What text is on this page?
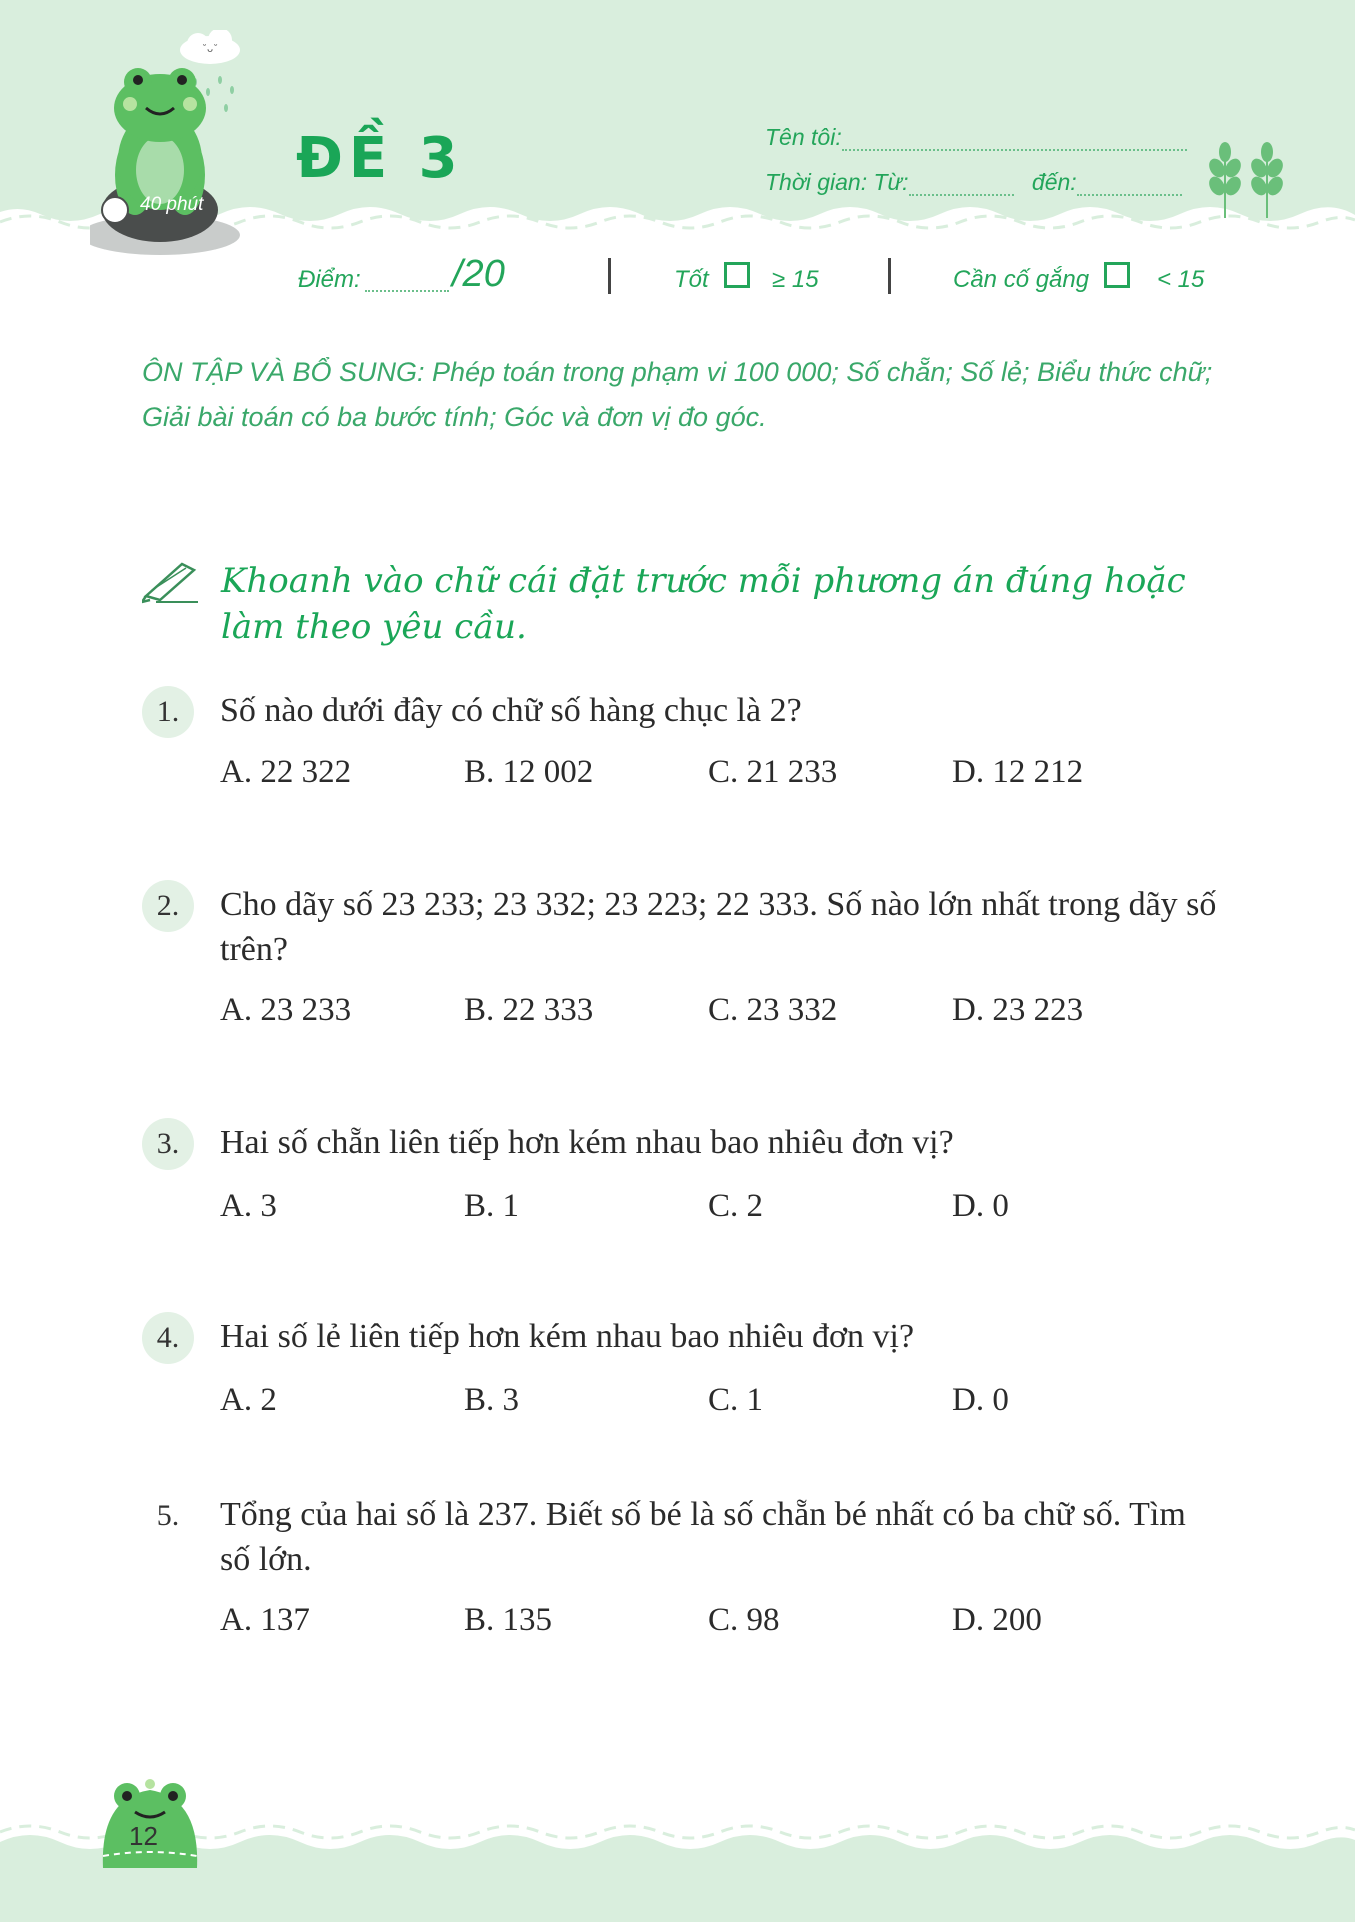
˘ᴗ˘
40 phút
ĐỀ 3	Tên tôi:
Thời gian: Từ:	đến:
Điểm: /20	Tốt	≥ 15	Cần cố gắng	< 15
ÔN TẬP VÀ BỔ SUNG: Phép toán trong phạm vi 100 000; Số chẵn; Số lẻ; Biểu thức chữ; Giải bài toán có ba bước tính; Góc và đơn vị đo góc.
Khoanh vào chữ cái đặt trước mỗi phương án đúng hoặc làm theo yêu cầu.
1.	Số nào dưới đây có chữ số hàng chục là 2?
A. 22 322	B. 12 002	C. 21 233	D. 12 212
2.	Cho dãy số 23 233; 23 332; 23 223; 22 333. Số nào lớn nhất trong dãy số trên?
A. 23 233	B. 22 333	C. 23 332	D. 23 223
3.	Hai số chẵn liên tiếp hơn kém nhau bao nhiêu đơn vị?
A. 3	B. 1	C. 2	D. 0
4.	Hai số lẻ liên tiếp hơn kém nhau bao nhiêu đơn vị?
A. 2	B. 3	C. 1	D. 0
5.	Tổng của hai số là 237. Biết số bé là số chẵn bé nhất có ba chữ số. Tìm số lớn.
A. 137	B. 135	C. 98	D. 200
12
